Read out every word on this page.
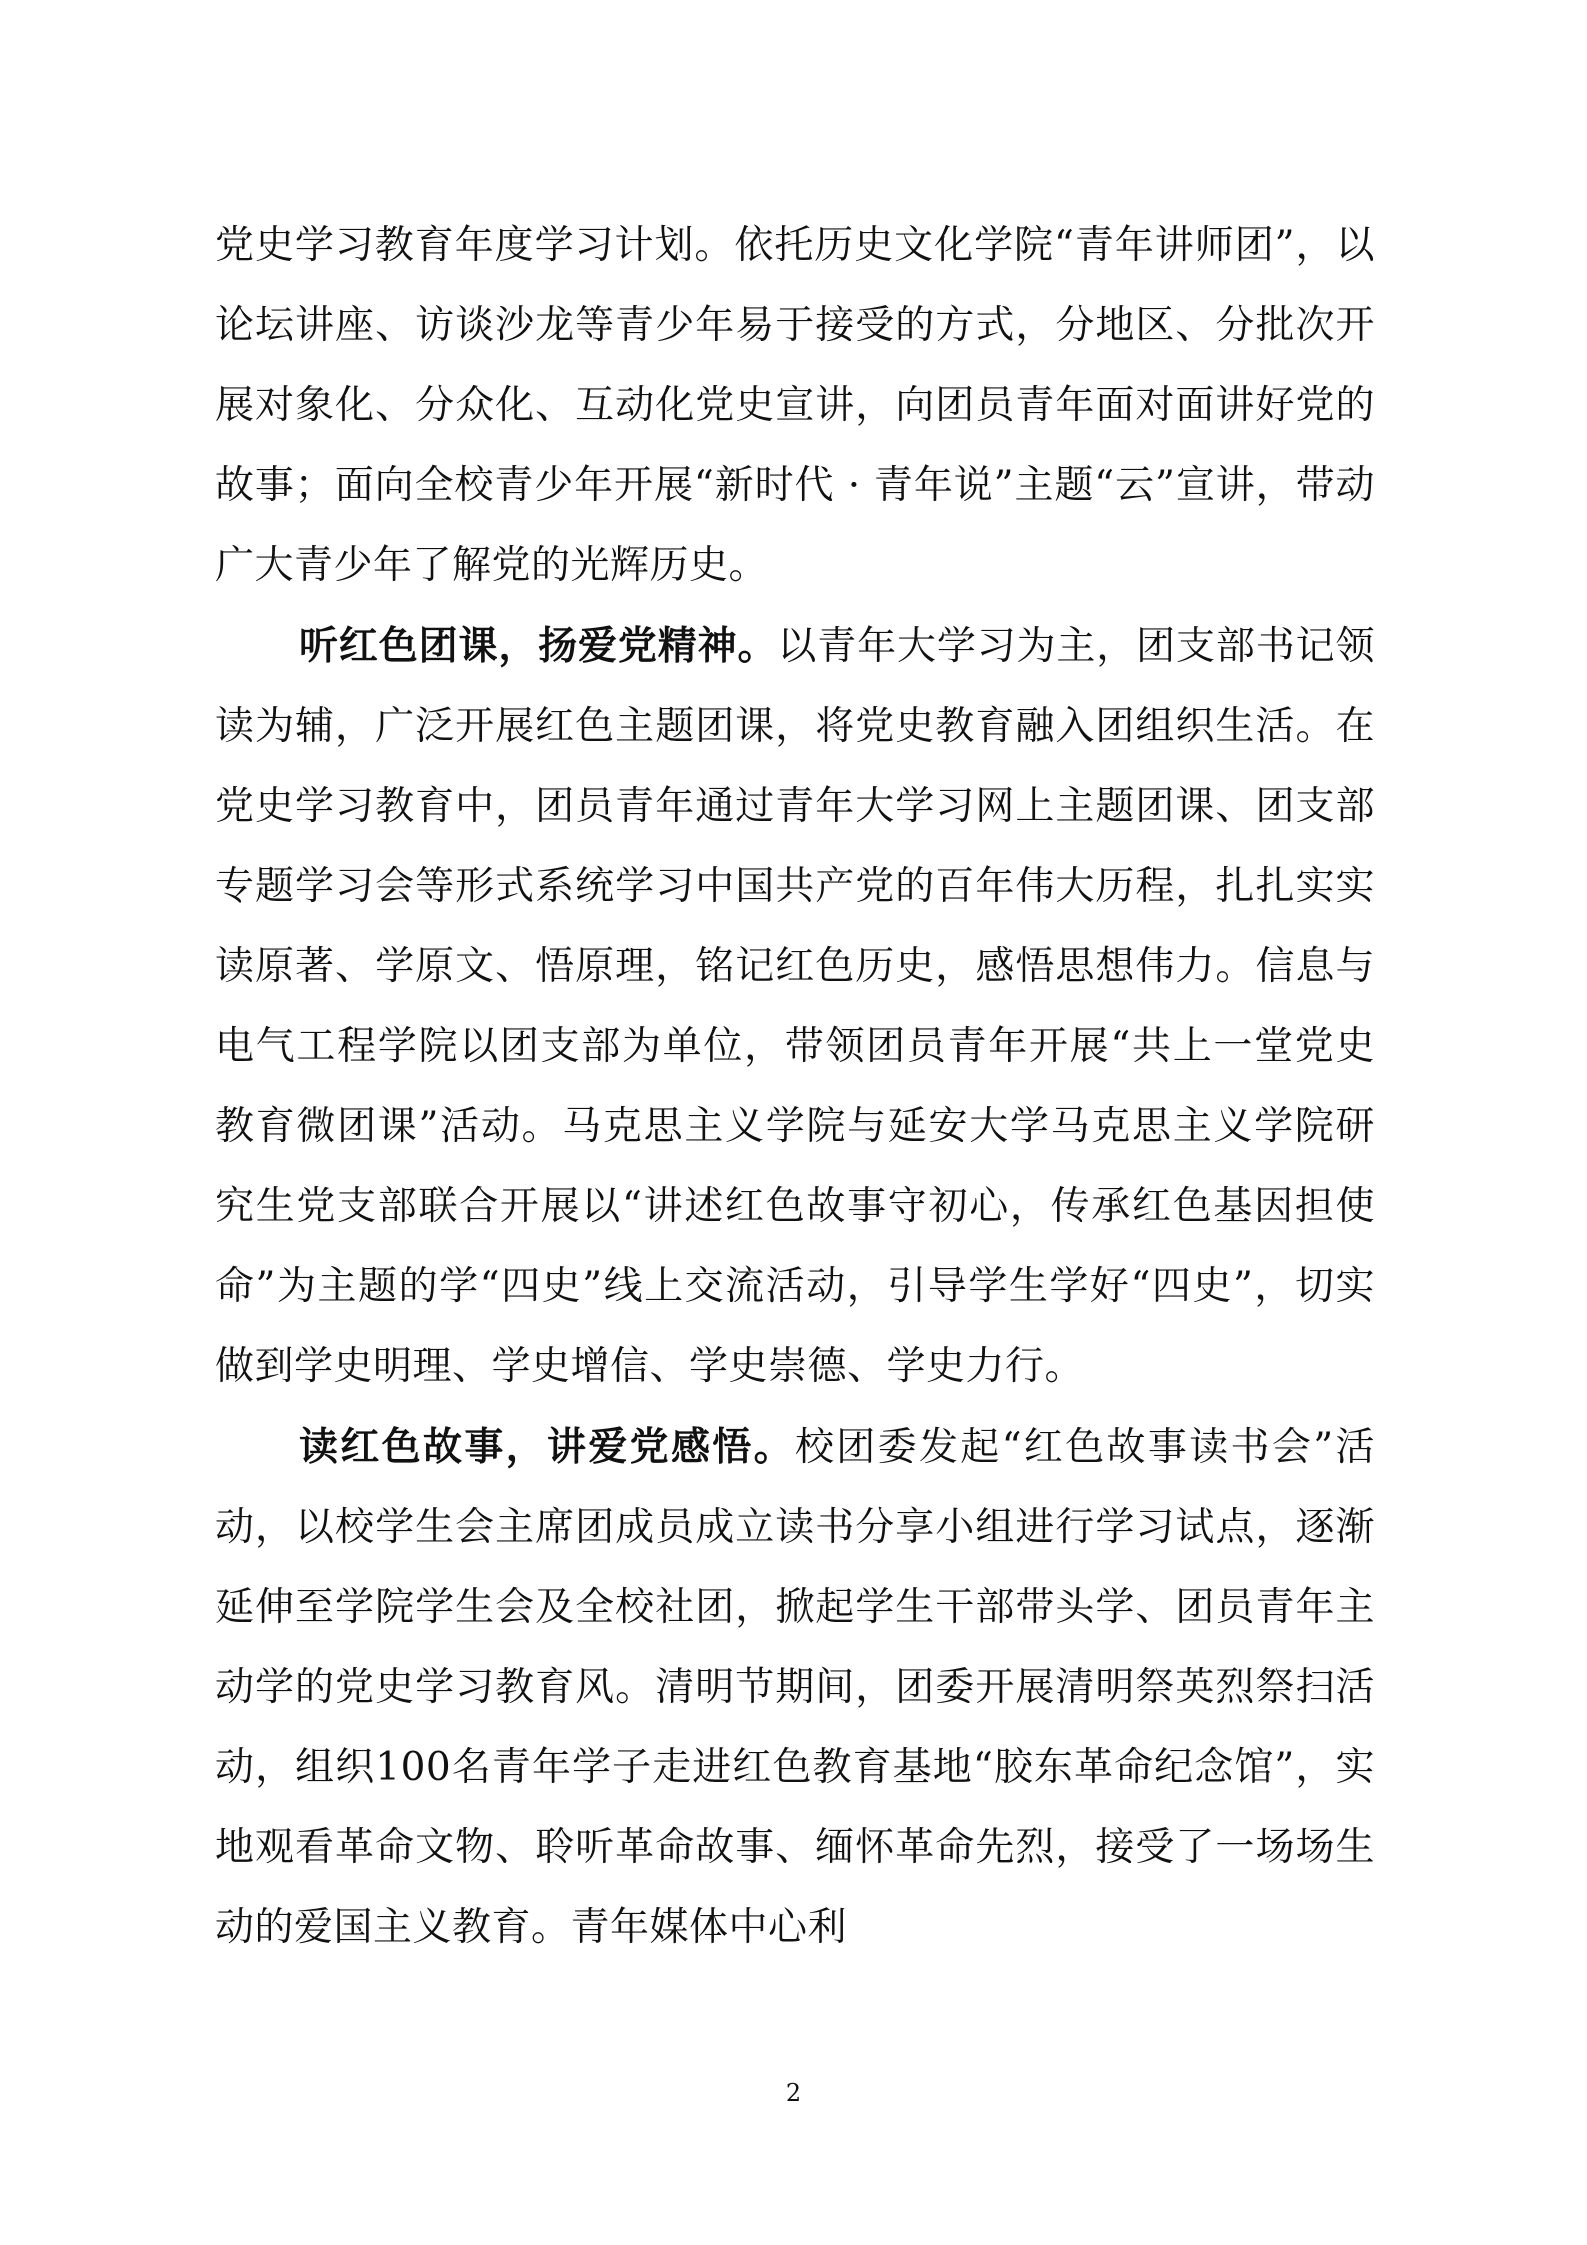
党史学习教育年度学习计划。依托历史文化学院“青年讲师团”，以论坛讲座、访谈沙龙等青少年易于接受的方式，分地区、分批次开展对象化、分众化、互动化党史宣讲，向团员青年面对面讲好党的故事；面向全校青少年开展“新时代 · 青年说”主题“云”宣讲，带动广大青少年了解党的光辉历史。

听红色团课，扬爱党精神。以青年大学习为主，团支部书记领读为辅，广泛开展红色主题团课，将党史教育融入团组织生活。在党史学习教育中，团员青年通过青年大学习网上主题团课、团支部专题学习会等形式系统学习中国共产党的百年伟大历程，扎扎实实读原著、学原文、悟原理，铭记红色历史，感悟思想伟力。信息与电气工程学院以团支部为单位，带领团员青年开展“共上一堂党史教育微团课”活动。马克思主义学院与延安大学马克思主义学院研究生党支部联合开展以“讲述红色故事守初心，传承红色基因担使命”为主题的学“四史”线上交流活动，引导学生学好“四史”，切实做到学史明理、学史增信、学史崇德、学史力行。

读红色故事，讲爱党感悟。校团委发起“红色故事读书会”活动，以校学生会主席团成员成立读书分享小组进行学习试点，逐渐延伸至学院学生会及全校社团，掀起学生干部带头学、团员青年主动学的党史学习教育风。清明节期间，团委开展清明祭英烈祭扫活动，组织100名青年学子走进红色教育基地“胶东革命纪念馆”，实地观看革命文物、聆听革命故事、缅怀革命先烈，接受了一场场生动的爱国主义教育。青年媒体中心利

2
